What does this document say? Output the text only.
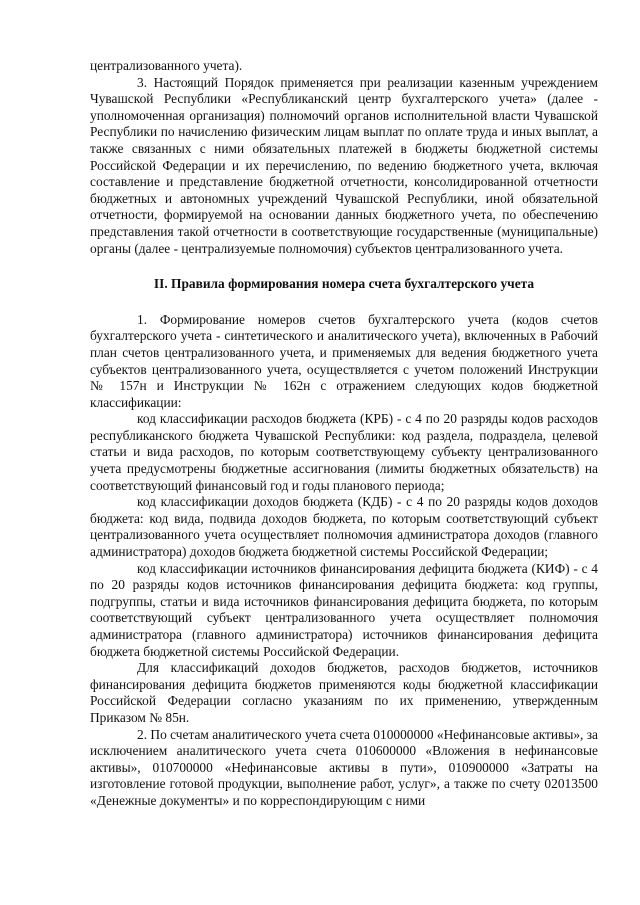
централизованного учета).

3. Настоящий Порядок применяется при реализации казенным учреждением Чувашской Республики «Республиканский центр бухгалтерского учета» (далее - уполномоченная организация) полномочий органов исполнительной власти Чувашской Республики по начислению физическим лицам выплат по оплате труда и иных выплат, а также связанных с ними обязательных платежей в бюджеты бюджетной системы Российской Федерации и их перечислению, по ведению бюджетного учета, включая составление и представление бюджетной отчетности, консолидированной отчетности бюджетных и автономных учреждений Чувашской Республики, иной обязательной отчетности, формируемой на основании данных бюджетного учета, по обеспечению представления такой отчетности в соответствующие государственные (муниципальные) органы (далее - централизуемые полномочия) субъектов централизованного учета.

II. Правила формирования номера счета бухгалтерского учета

1. Формирование номеров счетов бухгалтерского учета (кодов счетов бухгалтерского учета - синтетического и аналитического учета), включенных в Рабочий план счетов централизованного учета, и применяемых для ведения бюджетного учета субъектов централизованного учета, осуществляется с учетом положений Инструкции № 157н и Инструкции № 162н с отражением следующих кодов бюджетной классификации:

код классификации расходов бюджета (КРБ) - с 4 по 20 разряды кодов расходов республиканского бюджета Чувашской Республики: код раздела, подраздела, целевой статьи и вида расходов, по которым соответствующему субъекту централизованного учета предусмотрены бюджетные ассигнования (лимиты бюджетных обязательств) на соответствующий финансовый год и годы планового периода;

код классификации доходов бюджета (КДБ) - с 4 по 20 разряды кодов доходов бюджета: код вида, подвида доходов бюджета, по которым соответствующий субъект централизованного учета осуществляет полномочия администратора доходов (главного администратора) доходов бюджета бюджетной системы Российской Федерации;

код классификации источников финансирования дефицита бюджета (КИФ) - с 4 по 20 разряды кодов источников финансирования дефицита бюджета: код группы, подгруппы, статьи и вида источников финансирования дефицита бюджета, по которым соответствующий субъект централизованного учета осуществляет полномочия администратора (главного администратора) источников финансирования дефицита бюджета бюджетной системы Российской Федерации.

Для классификаций доходов бюджетов, расходов бюджетов, источников финансирования дефицита бюджетов применяются коды бюджетной классификации Российской Федерации согласно указаниям по их применению, утвержденным Приказом № 85н.

2. По счетам аналитического учета счета 010000000 «Нефинансовые активы», за исключением аналитического учета счета 010600000 «Вложения в нефинансовые активы», 010700000 «Нефинансовые активы в пути», 010900000 «Затраты на изготовление готовой продукции, выполнение работ, услуг», а также по счету 02013500 «Денежные документы» и по корреспондирующим с ними
